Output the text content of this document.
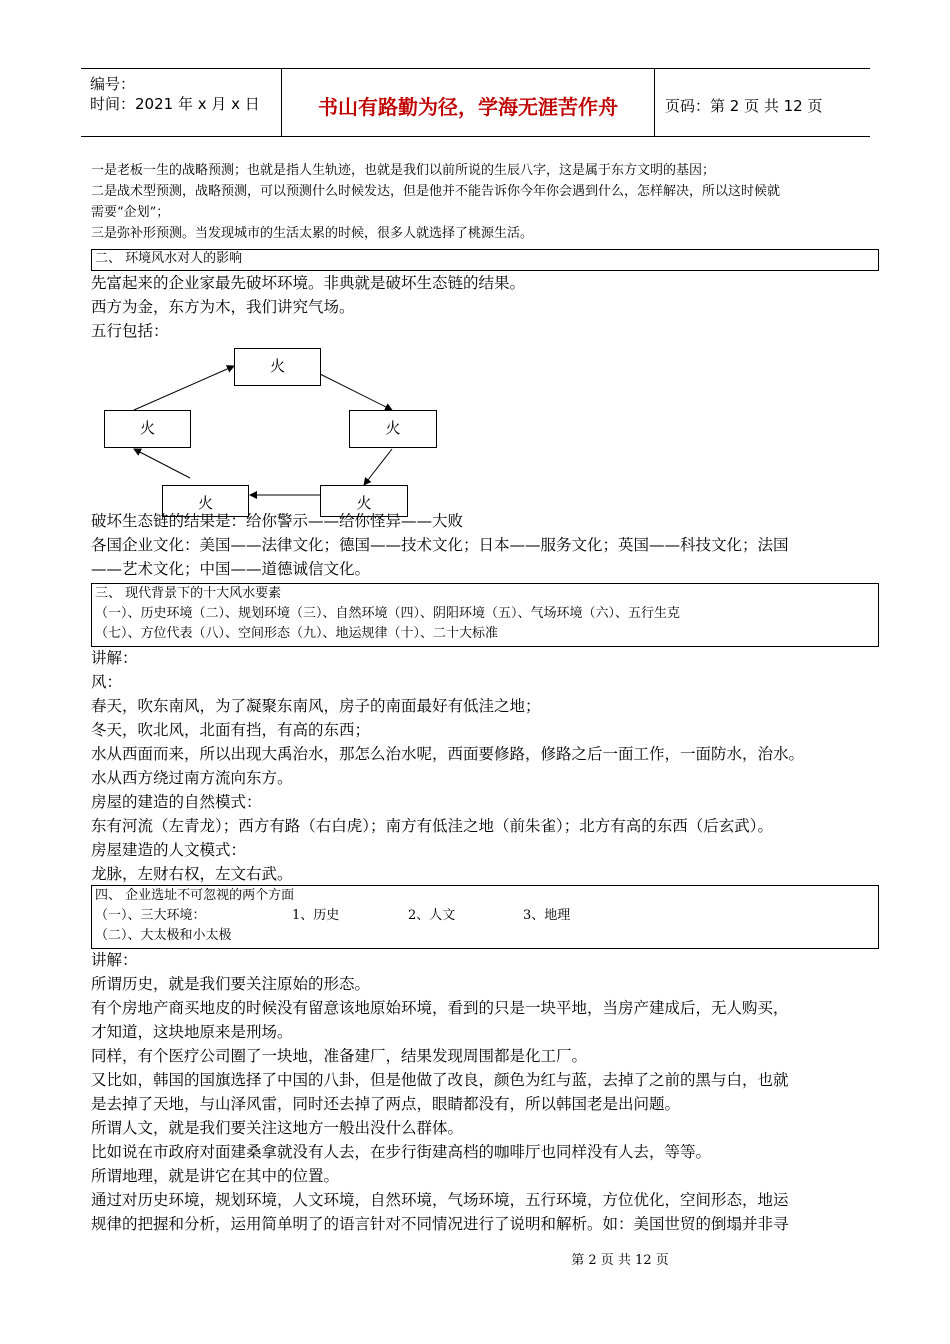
编号：
时间：2021 年 x 月 x 日	书山有路勤为径，学海无涯苦作舟	页码：第 2 页 共 12 页
一是老板一生的战略预测；也就是指人生轨迹，也就是我们以前所说的生辰八字，这是属于东方文明的基因；
二是战术型预测，战略预测，可以预测什么时候发达，但是他并不能告诉你今年你会遇到什么，怎样解决，所以这时候就
需要“企划”；
三是弥补形预测。当发现城市的生活太累的时候，很多人就选择了桃源生活。
二、 环境风水对人的影响
先富起来的企业家最先破坏环境。非典就是破坏生态链的结果。
西方为金，东方为木，我们讲究气场。
五行包括：
火
火	火
火	火
破坏生态链的结果是：给你警示——给你怪异——大败
各国企业文化：美国——法律文化；德国——技术文化；日本——服务文化；英国——科技文化；法国
——艺术文化；中国——道德诚信文化。
三、 现代背景下的十大风水要素
（一）、历史环境（二）、规划环境（三）、自然环境（四）、阴阳环境（五）、气场环境（六）、五行生克
（七）、方位代表（八）、空间形态（九）、地运规律（十）、二十大标准
讲解：
风：
春天，吹东南风，为了凝聚东南风，房子的南面最好有低洼之地；
冬天，吹北风，北面有挡，有高的东西；
水从西面而来，所以出现大禹治水，那怎么治水呢，西面要修路，修路之后一面工作，一面防水，治水。
水从西方绕过南方流向东方。
房屋的建造的自然模式：
东有河流（左青龙）；西方有路（右白虎）；南方有低洼之地（前朱雀）；北方有高的东西（后玄武）。
房屋建造的人文模式：
龙脉，左财右权，左文右武。
四、 企业选址不可忽视的两个方面
（一）、三大环境：	1、历史	2、人文	3、地理
（二）、大太极和小太极
讲解：
所谓历史，就是我们要关注原始的形态。
有个房地产商买地皮的时候没有留意该地原始环境，看到的只是一块平地，当房产建成后，无人购买，
才知道，这块地原来是刑场。
同样，有个医疗公司圈了一块地，准备建厂，结果发现周围都是化工厂。
又比如，韩国的国旗选择了中国的八卦，但是他做了改良，颜色为红与蓝，去掉了之前的黑与白，也就
是去掉了天地，与山泽风雷，同时还去掉了两点，眼睛都没有，所以韩国老是出问题。
所谓人文，就是我们要关注这地方一般出没什么群体。
比如说在市政府对面建桑拿就没有人去，在步行街建高档的咖啡厅也同样没有人去，等等。
所谓地理，就是讲它在其中的位置。
通过对历史环境，规划环境，人文环境，自然环境，气场环境，五行环境，方位优化，空间形态，地运
规律的把握和分析，运用简单明了的语言针对不同情况进行了说明和解析。如：美国世贸的倒塌并非寻
第 2 页 共 12 页
